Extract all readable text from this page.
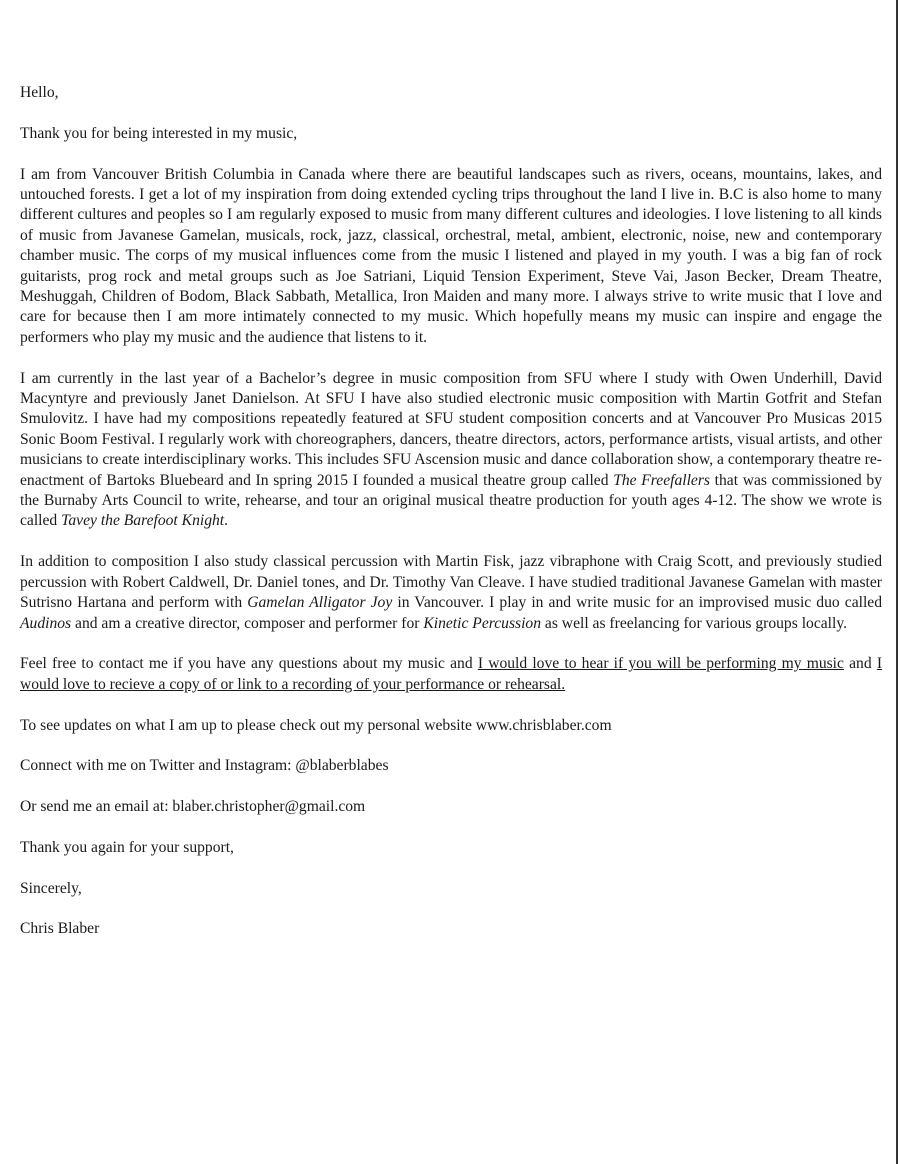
Hello,

Thank you for being interested in my music,

I am from Vancouver British Columbia in Canada where there are beautiful landscapes such as rivers, oceans, mountains, lakes, and untouched forests. I get a lot of my inspiration from doing extended cycling trips throughout the land I live in. B.C is also home to many different cultures and peoples so I am regularly exposed to music from many different cultures and ideologies. I love listening to all kinds of music from Javanese Gamelan, musicals, rock, jazz, classical, orchestral, metal, ambient, electronic, noise, new and contemporary chamber music. The corps of my musical influences come from the music I listened and played in my youth. I was a big fan of rock guitarists, prog rock and metal groups such as Joe Satriani, Liquid Tension Experiment, Steve Vai, Jason Becker, Dream Theatre, Meshuggah, Children of Bodom, Black Sabbath, Metallica, Iron Maiden and many more. I always strive to write music that I love and care for because then I am more intimately connected to my music. Which hopefully means my music can inspire and engage the performers who play my music and the audience that listens to it.

I am currently in the last year of a Bachelor’s degree in music composition from SFU where I study with Owen Underhill, David Macyntyre and previously Janet Danielson. At SFU I have also studied electronic music composition with Martin Gotfrit and Stefan Smulovitz. I have had my compositions repeatedly featured at SFU student composition concerts and at Vancouver Pro Musicas 2015 Sonic Boom Festival. I regularly work with choreographers, dancers, theatre directors, actors, performance artists, visual artists, and other musicians to create interdisciplinary works. This includes SFU Ascension music and dance collaboration show, a contemporary theatre re-enactment of Bartoks Bluebeard and In spring 2015 I founded a musical theatre group called The Freefallers that was commissioned by the Burnaby Arts Council to write, rehearse, and tour an original musical theatre production for youth ages 4-12. The show we wrote is called Tavey the Barefoot Knight.

In addition to composition I also study classical percussion with Martin Fisk, jazz vibraphone with Craig Scott, and previously studied percussion with Robert Caldwell, Dr. Daniel tones, and Dr. Timothy Van Cleave. I have studied traditional Javanese Gamelan with master Sutrisno Hartana and perform with Gamelan Alligator Joy in Vancouver. I play in and write music for an improvised music duo called Audinos and am a creative director, composer and performer for Kinetic Percussion as well as freelancing for various groups locally.

Feel free to contact me if you have any questions about my music and I would love to hear if you will be performing my music and I would love to recieve a copy of or link to a recording of your performance or rehearsal.

To see updates on what I am up to please check out my personal website www.chrisblaber.com

Connect with me on Twitter and Instagram: @blaberblabes

Or send me an email at: blaber.christopher@gmail.com

Thank you again for your support,

Sincerely,

Chris Blaber
